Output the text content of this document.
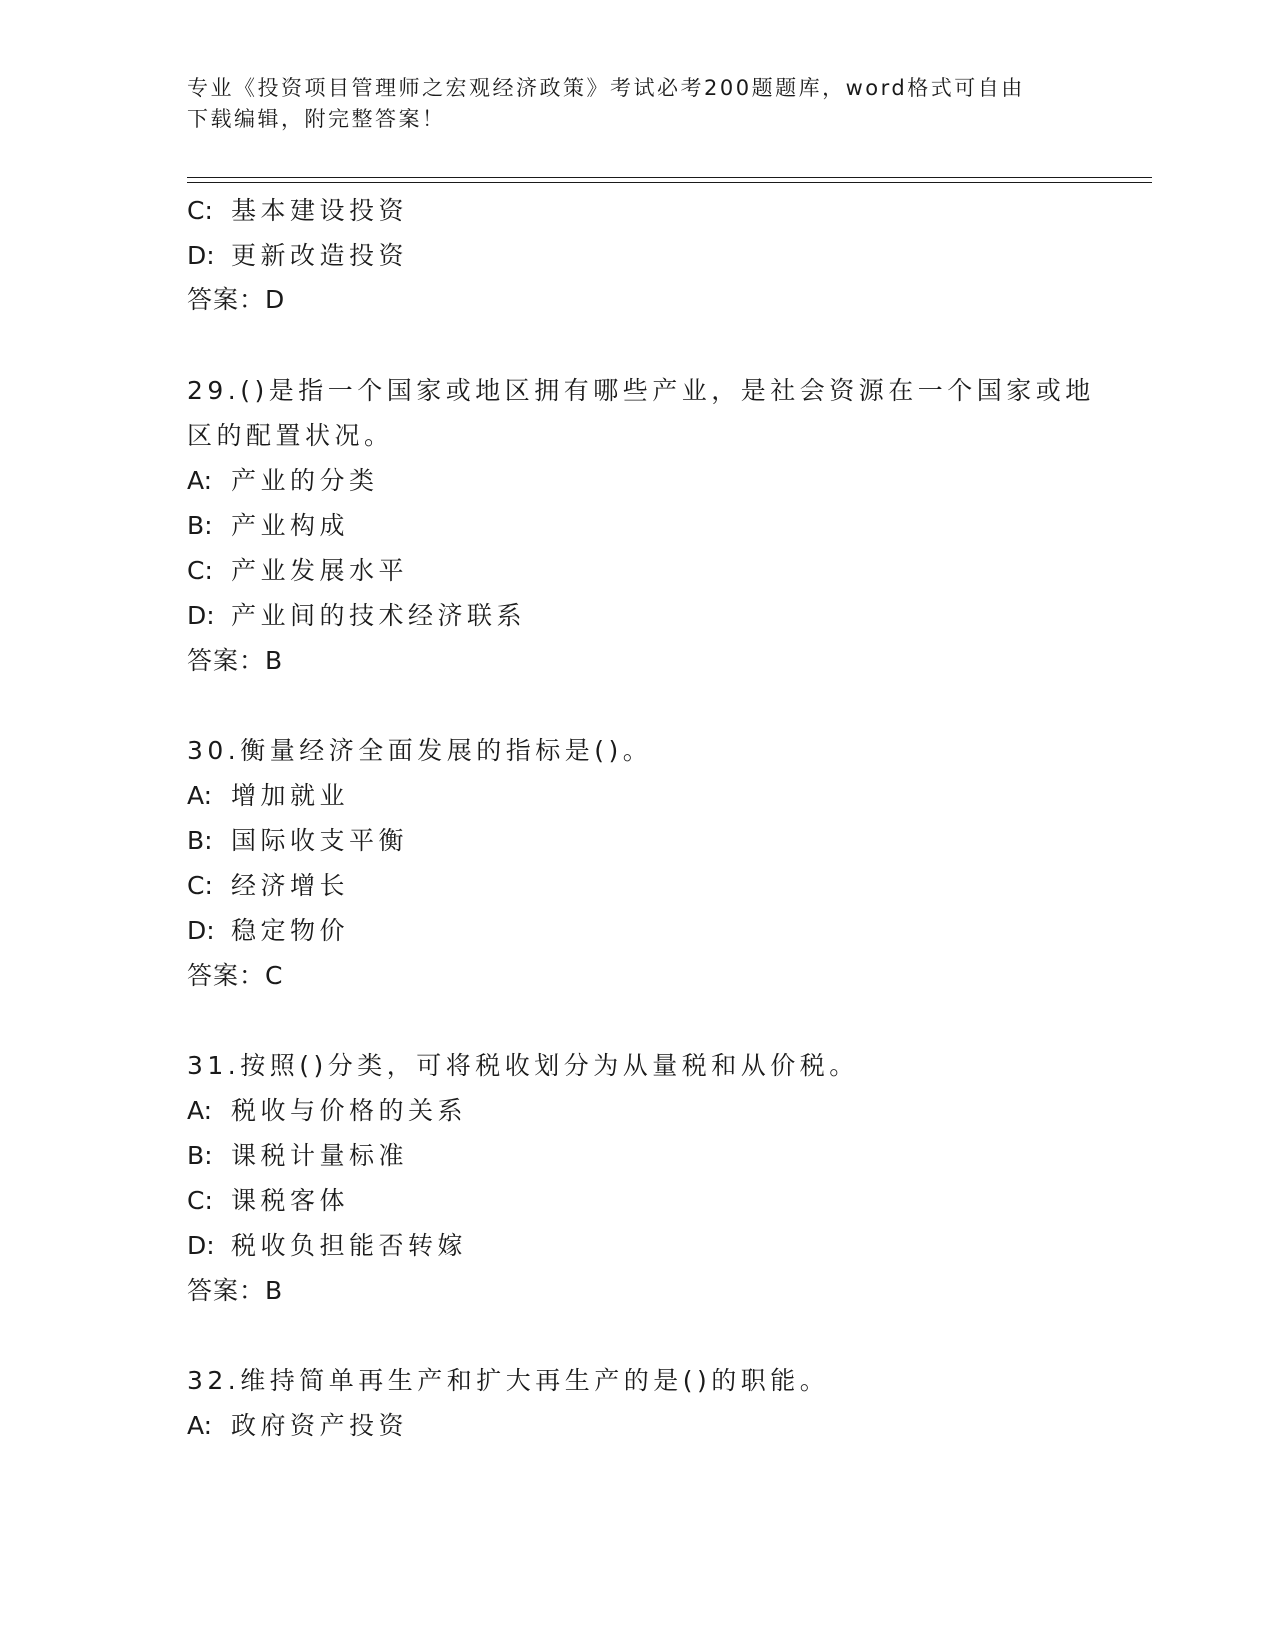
专业《投资项目管理师之宏观经济政策》考试必考200题题库，word格式可自由
下载编辑，附完整答案！
C: 基本建设投资
D: 更新改造投资
答案：D
29.()是指一个国家或地区拥有哪些产业，是社会资源在一个国家或地
区的配置状况。
A: 产业的分类
B: 产业构成
C: 产业发展水平
D: 产业间的技术经济联系
答案：B
30.衡量经济全面发展的指标是()。
A: 增加就业
B: 国际收支平衡
C: 经济增长
D: 稳定物价
答案：C
31.按照()分类，可将税收划分为从量税和从价税。
A: 税收与价格的关系
B: 课税计量标准
C: 课税客体
D: 税收负担能否转嫁
答案：B
32.维持简单再生产和扩大再生产的是()的职能。
A: 政府资产投资
